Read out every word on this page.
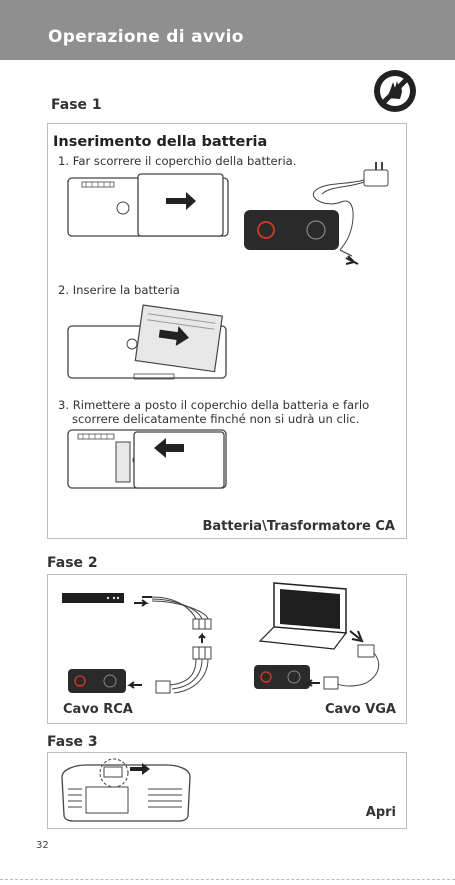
Operazione di avvio
Fase 1
Inserimento della batteria
1. Far scorrere il coperchio della batteria.
2. Inserire la batteria
3. Rimettere a posto il coperchio della batteria e farlo
scorrere delicatamente finché non si udrà un clic.
Batteria\Trasformatore CA
Fase 2
Cavo RCA	Cavo VGA
Fase 3
Apri
32
